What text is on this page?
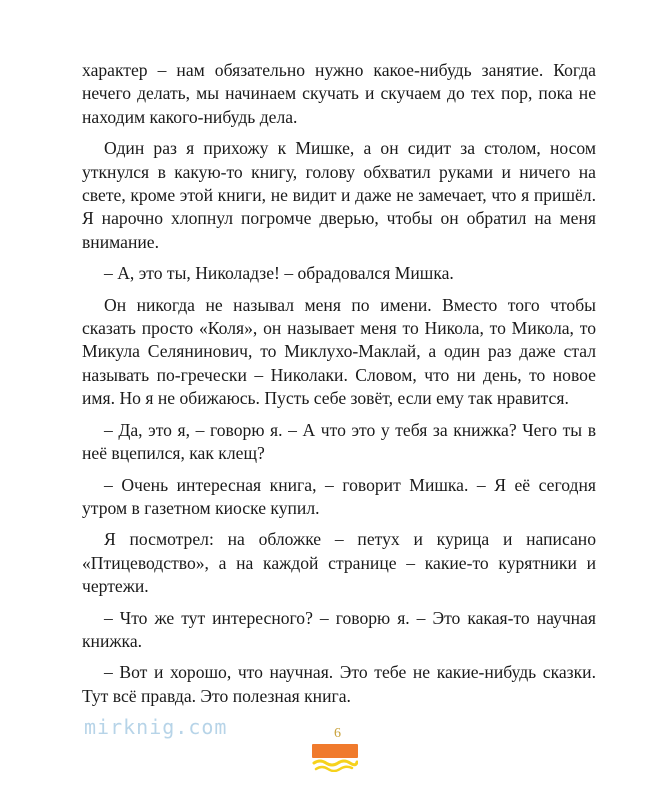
характер – нам обязательно нужно какое-нибудь занятие. Когда нечего делать, мы начинаем скучать и скучаем до тех пор, пока не находим какого-нибудь дела.

Один раз я прихожу к Мишке, а он сидит за столом, носом уткнулся в какую-то книгу, голову обхватил руками и ничего на свете, кроме этой книги, не видит и даже не замечает, что я пришёл. Я нарочно хлопнул погромче дверью, чтобы он обратил на меня внимание.

– А, это ты, Николадзе! – обрадовался Мишка.

Он никогда не называл меня по имени. Вместо того чтобы сказать просто «Коля», он называет меня то Никола, то Микола, то Микула Селянинович, то Миклухо-Маклай, а один раз даже стал называть по-гречески – Николаки. Словом, что ни день, то новое имя. Но я не обижаюсь. Пусть себе зовёт, если ему так нравится.

– Да, это я, – говорю я. – А что это у тебя за книжка? Чего ты в неё вцепился, как клещ?

– Очень интересная книга, – говорит Мишка. – Я её сегодня утром в газетном киоске купил.

Я посмотрел: на обложке – петух и курица и написано «Птицеводство», а на каждой странице – какие-то курятники и чертежи.

– Что же тут интересного? – говорю я. – Это какая-то научная книжка.

– Вот и хорошо, что научная. Это тебе не какие-нибудь сказки. Тут всё правда. Это полезная книга.

mirknig.com	6
